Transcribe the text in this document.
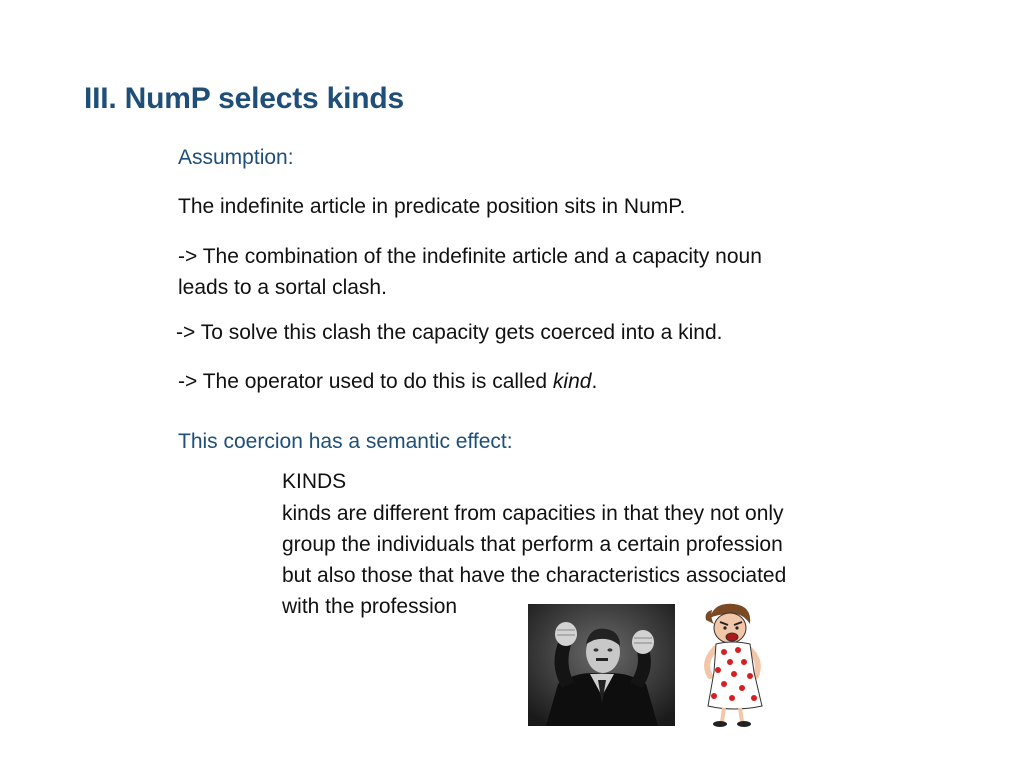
III. NumP selects kinds
Assumption:
The indefinite article in predicate position sits in NumP.
-> The combination of the indefinite article and a capacity noun
leads to a sortal clash.
-> To solve this clash the capacity gets coerced into a kind.
-> The operator used to do this is called kind.
This coercion has a semantic effect:
KINDS
kinds are different from capacities in that they not only
group the individuals that perform a certain profession
but also those that have the characteristics associated
with the profession
